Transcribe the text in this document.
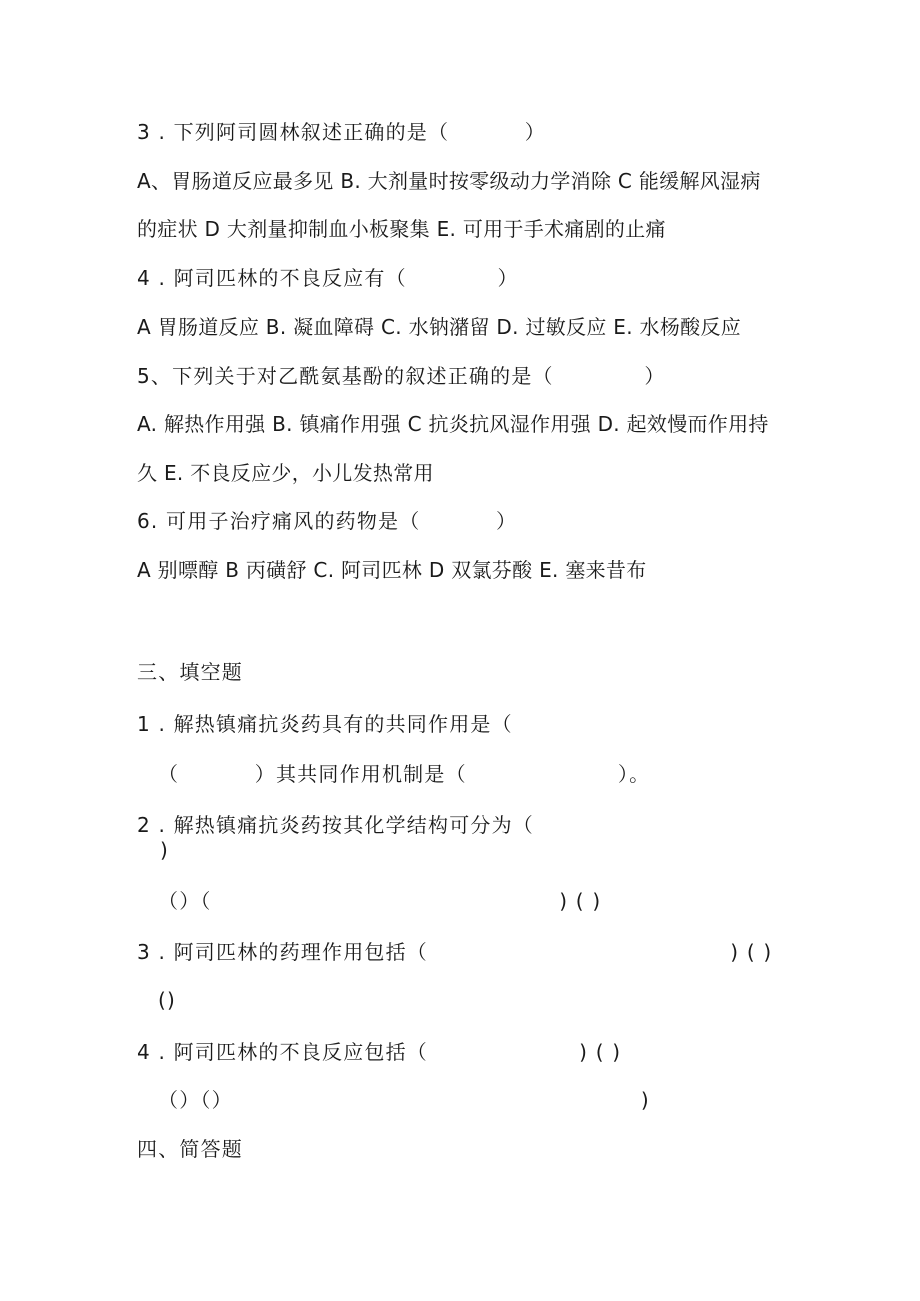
3 . 下列阿司圆林叙述正确的是（          ）
A、胃肠道反应最多见 B. 大剂量时按零级动力学消除 C 能缓解风湿病
的症状 D 大剂量抑制血小板聚集 E. 可用于手术痛剧的止痛
4 . 阿司匹林的不良反应有（            ）
A 胃肠道反应 B. 凝血障碍 C. 水钠潴留 D. 过敏反应 E. 水杨酸反应
5、下列关于对乙酰氨基酚的叙述正确的是（            ）
A. 解热作用强 B. 镇痛作用强 C 抗炎抗风湿作用强 D. 起效慢而作用持
久 E. 不良反应少，小儿发热常用
6. 可用子治疗痛风的药物是（          ）
A 别嘌醇 B 丙磺舒 C. 阿司匹林 D 双氯芬酸 E. 塞来昔布
三、填空题
1 . 解热镇痛抗炎药具有的共同作用是（
（          ）其共同作用机制是（                    ）。
2 . 解热镇痛抗炎药按其化学结构可分为（
)
（）（                                              ) ( )
3 . 阿司匹林的药理作用包括（                                        ) ( )
()
4 . 阿司匹林的不良反应包括（                    ) ( )
（）（）                                                      )
四、简答题
